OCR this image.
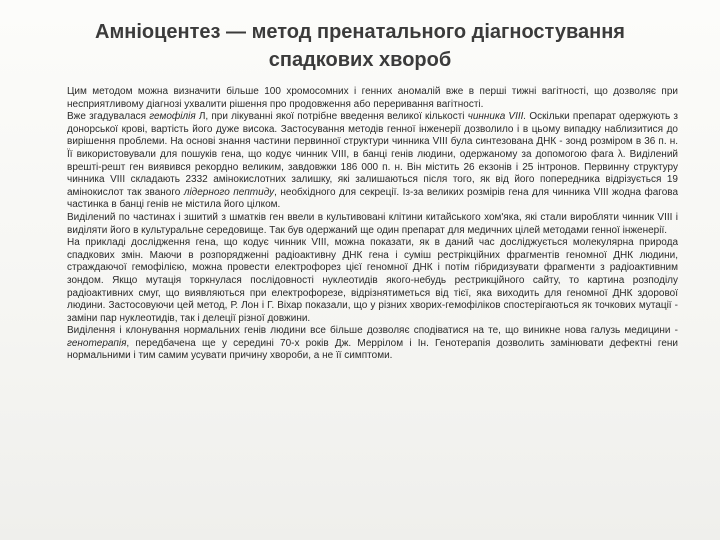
Амніоцентез — метод пренатального діагностування
спадкових хвороб

Цим методом можна визначити більше 100 хромосомних і генних аномалій вже в перші тижні вагітності, що дозволяє при несприятливому діагнозі ухвалити рішення про продовження або переривання вагітності.

Вже згадувалася гемофілія Л, при лікуванні якої потрібне введення великої кількості чинника VIII. Оскільки препарат одержують з донорської крові, вартість його дуже висока. Застосування методів генної інженерії дозволило і в цьому випадку наблизитися до вирішення проблеми. На основі знання частини первинної структури чинника VIII була синтезована ДНК - зонд розміром в 36 п. н. Її використовували для пошуків гена, що кодує чинник VIII, в банці генів людини, одержаному за допомогою фага λ. Виділений врешті-решт ген виявився рекордно великим, завдовжки 186 000 п. н. Він містить 26 екзонів і 25 інтронов. Первинну структуру чинника VIII складають 2332 амінокислотних залишку, які залишаються після того, як від його попередника відрізується 19 амінокислот так званого лідерного пептиду, необхідного для секреції. Із-за великих розмірів гена для чинника VIII жодна фагова частинка в банці генів не містила його цілком.

Виділений по частинах і зшитий з шматків ген ввели в культивовані клітини китайського хом'яка, які стали виробляти чинник VIII і виділяти його в культуральне середовище. Так був одержаний ще один препарат для медичних цілей методами генної інженерії.

На прикладі дослідження гена, що кодує чинник VIII, можна показати, як в даний час досліджується молекулярна природа спадкових змін. Маючи в розпорядженні радіоактивну ДНК гена і суміш рестрікційних фрагментів геномної ДНК людини, страждаючої гемофілією, можна провести електрофорез цієї геномної ДНК і потім гібридизувати фрагменти з радіоактивним зондом. Якщо мутація торкнулася послідовності нуклеотидів якого-небудь рестрикційного сайту, то картина розподілу радіоактивних смуг, що виявляються при електрофорезе, відрізнятиметься від тієї, яка виходить для геномної ДНК здорової людини. Застосовуючи цей метод, Р. Лон і Г. Віхар показали, що у різних хворих-гемофіліков спостерігаються як точкових мутації - заміни пар нуклеотидів, так і делеції різної довжини.

Виділення і клонування нормальних генів людини все більше дозволяє сподіватися на те, що виникне нова галузь медицини - генотерапія, передбачена ще у середині 70-х років Дж. Меррілом і Ін. Генотерапія дозволить замінювати дефектні гени нормальними і тим самим усувати причину хвороби, а не її симптоми.
